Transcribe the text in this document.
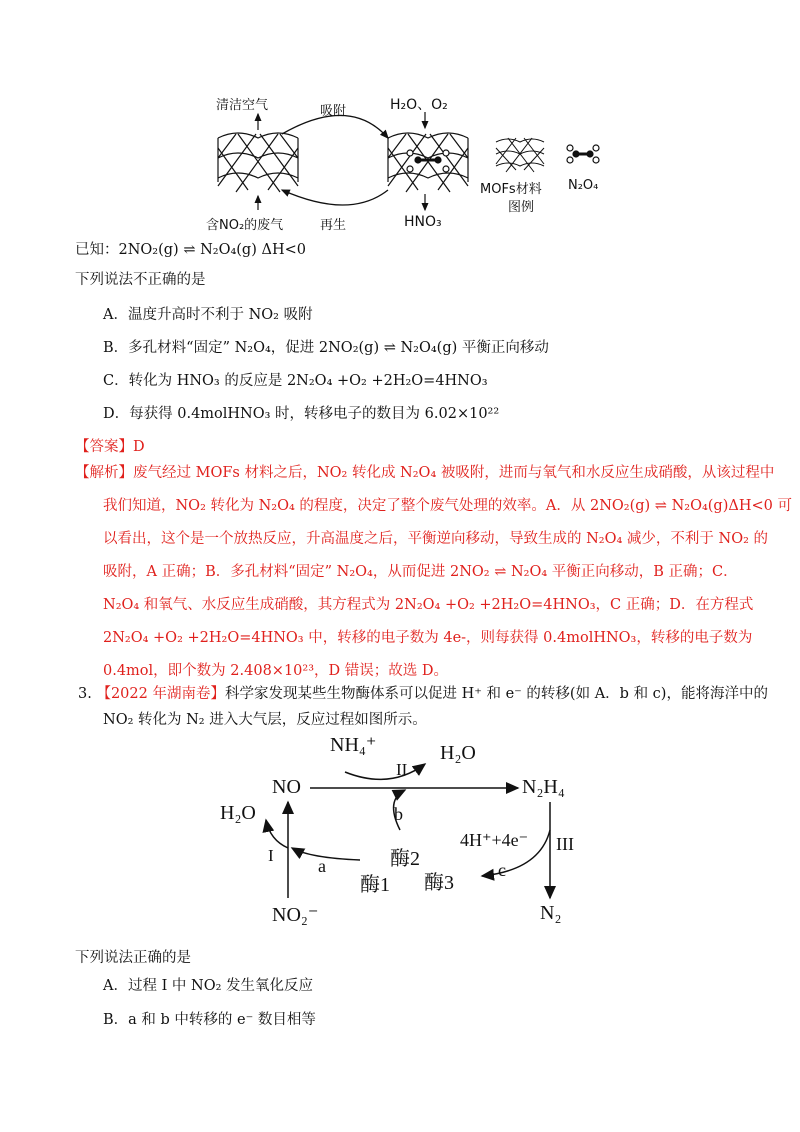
清洁空气	吸附	H₂O、O₂
含NO₂的废气	再生	HNO₃
MOFs材料 N₂O₄
图例
已知：2NO₂(g) ⇌ N₂O₄(g) ΔH<0
下列说法不正确的是
A．温度升高时不利于 NO₂ 吸附
B．多孔材料“固定” N₂O₄，促进 2NO₂(g) ⇌ N₂O₄(g) 平衡正向移动
C．转化为 HNO₃ 的反应是 2N₂O₄ +O₂ +2H₂O=4HNO₃
D．每获得 0.4molHNO₃ 时，转移电子的数目为 6.02×10²²
【答案】D
【解析】废气经过 MOFs 材料之后，NO₂ 转化成 N₂O₄ 被吸附，进而与氧气和水反应生成硝酸，从该过程中
我们知道，NO₂ 转化为 N₂O₄ 的程度，决定了整个废气处理的效率。A．从 2NO₂(g) ⇌ N₂O₄(g)ΔH<0 可
以看出，这个是一个放热反应，升高温度之后，平衡逆向移动，导致生成的 N₂O₄ 减少，不利于 NO₂ 的
吸附，A 正确；B．多孔材料“固定” N₂O₄，从而促进 2NO₂ ⇌ N₂O₄ 平衡正向移动，B 正确；C．
N₂O₄ 和氧气、水反应生成硝酸，其方程式为 2N₂O₄ +O₂ +2H₂O=4HNO₃，C 正确；D．在方程式
2N₂O₄ +O₂ +2H₂O=4HNO₃ 中，转移的电子数为 4e-，则每获得 0.4molHNO₃，转移的电子数为
0.4mol，即个数为 2.408×10²³，D 错误；故选 D。
3. 【2022 年湖南卷】科学家发现某些生物酶体系可以促进 H⁺ 和 e⁻ 的转移(如 A．b 和 c)，能将海洋中的
NO₂ 转化为 N₂ 进入大气层，反应过程如图所示。
NH₄⁺	H₂O
NO	N₂H₄
II
H₂O	b
酶2
4H⁺+4e⁻ III
I
a
酶1 酶3
c
NO₂⁻	N₂
下列说法正确的是
A．过程 I 中 NO₂ 发生氧化反应
B．a 和 b 中转移的 e⁻ 数目相等
